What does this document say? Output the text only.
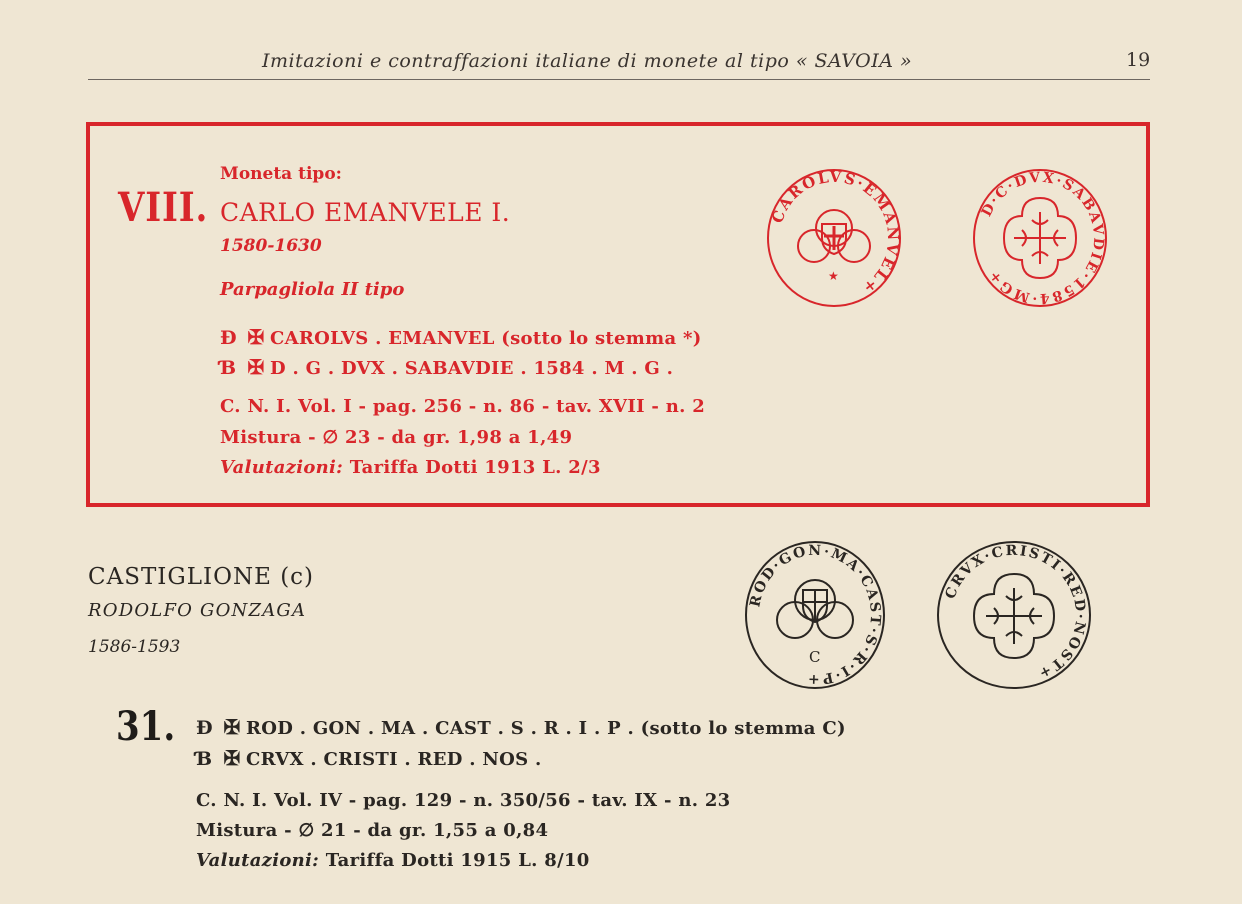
Imitazioni e contraffazioni italiane di monete al tipo « SAVOIA »	19
VIII.
Moneta tipo:
CARLO EMANVELE I.
1580-1630
Parpagliola II tipo
Ɖ ✠ CAROLVS . EMANVEL (sotto lo stemma *)
Ɓ ✠ D . G . DVX . SABAVDIE . 1584 . M . G .
C. N. I. Vol. I - pag. 256 - n. 86 - tav. XVII - n. 2
Mistura - ∅ 23 - da gr. 1,98 a 1,49
Valutazioni: Tariffa Dotti 1913 L. 2/3
CAROLVS·EMANVEL+
★
D·C·DVX·SABAVDIE·1584·MG+
CASTIGLIONE (c)
RODOLFO GONZAGA
1586-1593
31. Ɖ ✠ ROD . GON . MA . CAST . S . R . I . P . (sotto lo stemma C)
Ɓ ✠ CRVX . CRISTI . RED . NOS .
C. N. I. Vol. IV - pag. 129 - n. 350/56 - tav. IX - n. 23
Mistura - ∅ 21 - da gr. 1,55 a 0,84
Valutazioni: Tariffa Dotti 1915 L. 8/10
ROD·GON·MA·CAST·S·R·I·P+
C
CRVX·CRISTI·RED·NOST+
